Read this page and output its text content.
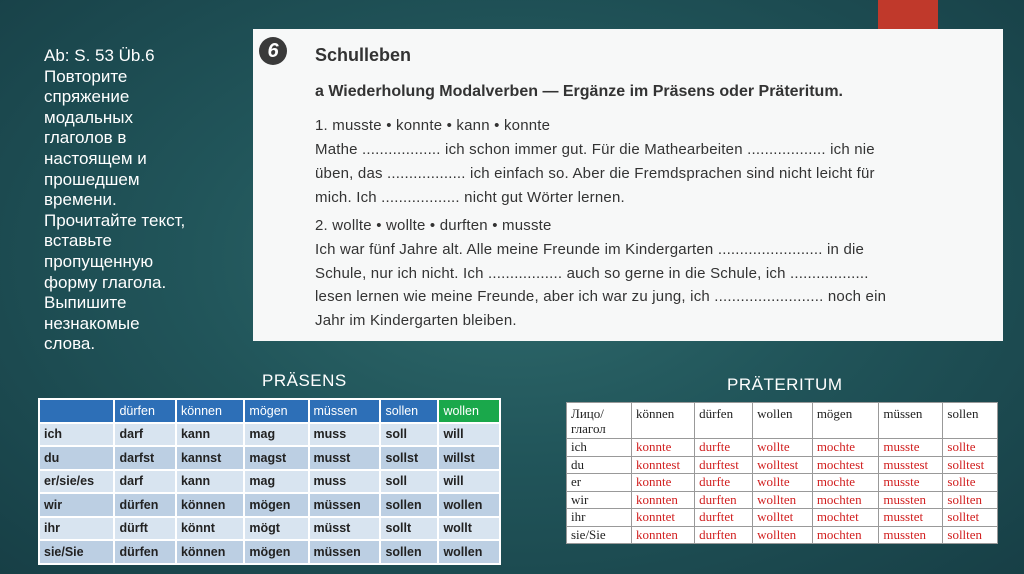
Ab: S. 53 Üb.6
Повторите
спряжение
модальных
глаголов в
настоящем и
прошедшем
времени.
Прочитайте текст,
вставьте
пропущенную
форму глагола.
Выпишите
незнакомые
слова.
6	Schulleben
a Wiederholung Modalverben — Ergänze im Präsens oder Präteritum.
1. musste • konnte • kann • konnte
Mathe .................. ich schon immer gut. Für die Mathearbeiten .................. ich nie
üben, das .................. ich einfach so. Aber die Fremdsprachen sind nicht leicht für
mich. Ich .................. nicht gut Wörter lernen.
2. wollte • wollte • durften • musste
Ich war fünf Jahre alt. Alle meine Freunde im Kindergarten ........................ in die
Schule, nur ich nicht. Ich ................. auch so gerne in die Schule, ich ..................
lesen lernen wie meine Freunde, aber ich war zu jung, ich ......................... noch ein
Jahr im Kindergarten bleiben.
PRÄSENS	PRÄTERITUM
	dürfen	können	mögen	müssen	sollen	wollen
ich	darf	kann	mag	muss	soll	will
du	darfst	kannst	magst	musst	sollst	willst
er/sie/es	darf	kann	mag	muss	soll	will
wir	dürfen	können	mögen	müssen	sollen	wollen
ihr	dürft	könnt	mögt	müsst	sollt	wollt
sie/Sie	dürfen	können	mögen	müssen	sollen	wollen
Лицо/
глагол	können	dürfen	wollen	mögen	müssen	sollen
ich	konnte	durfte	wollte	mochte	musste	sollte
du	konntest	durftest	wolltest	mochtest	musstest	solltest
er	konnte	durfte	wollte	mochte	musste	sollte
wir	konnten	durften	wollten	mochten	mussten	sollten
ihr	konntet	durftet	wolltet	mochtet	musstet	solltet
sie/Sie	konnten	durften	wollten	mochten	mussten	sollten
